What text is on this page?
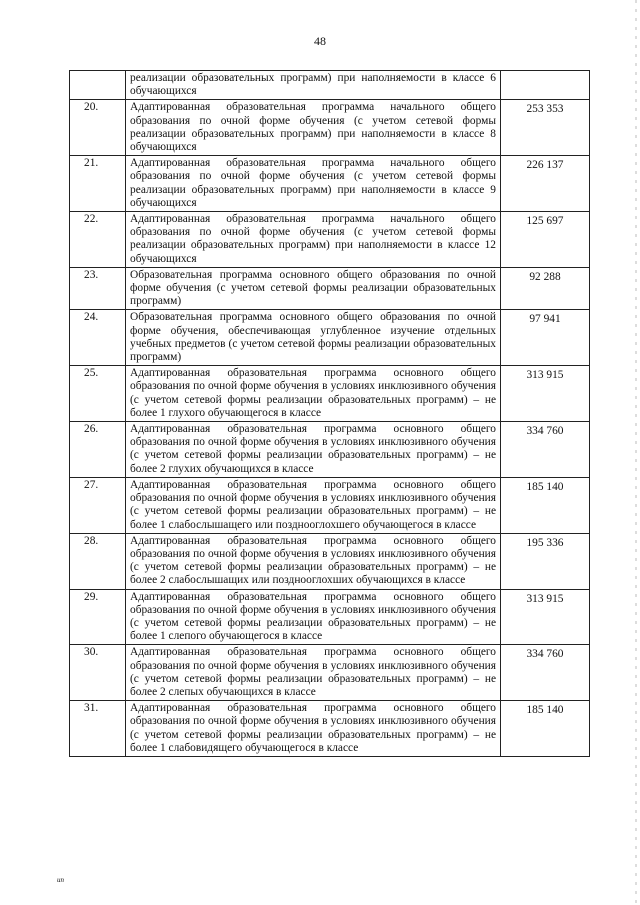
48
	реализации образовательных программ) при наполняемости в классе 6 обучающихся	
20.	Адаптированная образовательная программа начального общего образования по очной форме обучения (с учетом сетевой формы реализации образовательных программ) при наполняемости в классе 8 обучающихся	253 353
21.	Адаптированная образовательная программа начального общего образования по очной форме обучения (с учетом сетевой формы реализации образовательных программ) при наполняемости в классе 9 обучающихся	226 137
22.	Адаптированная образовательная программа начального общего образования по очной форме обучения (с учетом сетевой формы реализации образовательных программ) при наполняемости в классе 12 обучающихся	125 697
23.	Образовательная программа основного общего образования по очной форме обучения (с учетом сетевой формы реализации образовательных программ)	92 288
24.	Образовательная программа основного общего образования по очной форме обучения, обеспечивающая углубленное изучение отдельных учебных предметов (с учетом сетевой формы реализации образовательных программ)	97 941
25.	Адаптированная образовательная программа основного общего образования по очной форме обучения в условиях инклюзивного обучения (с учетом сетевой формы реализации образовательных программ) – не более 1 глухого обучающегося в классе	313 915
26.	Адаптированная образовательная программа основного общего образования по очной форме обучения в условиях инклюзивного обучения (с учетом сетевой формы реализации образовательных программ) – не более 2 глухих обучающихся в классе	334 760
27.	Адаптированная образовательная программа основного общего образования по очной форме обучения в условиях инклюзивного обучения (с учетом сетевой формы реализации образовательных программ) – не более 1 слабослышащего или позднооглохшего обучающегося в классе	185 140
28.	Адаптированная образовательная программа основного общего образования по очной форме обучения в условиях инклюзивного обучения (с учетом сетевой формы реализации образовательных программ) – не более 2 слабослышащих или позднооглохших обучающихся в классе	195 336
29.	Адаптированная образовательная программа основного общего образования по очной форме обучения в условиях инклюзивного обучения (с учетом сетевой формы реализации образовательных программ) – не более 1 слепого обучающегося в классе	313 915
30.	Адаптированная образовательная программа основного общего образования по очной форме обучения в условиях инклюзивного обучения (с учетом сетевой формы реализации образовательных программ) – не более 2 слепых обучающихся в классе	334 760
31.	Адаптированная образовательная программа основного общего образования по очной форме обучения в условиях инклюзивного обучения (с учетом сетевой формы реализации образовательных программ) – не более 1 слабовидящего обучающегося в классе	185 140
ип
